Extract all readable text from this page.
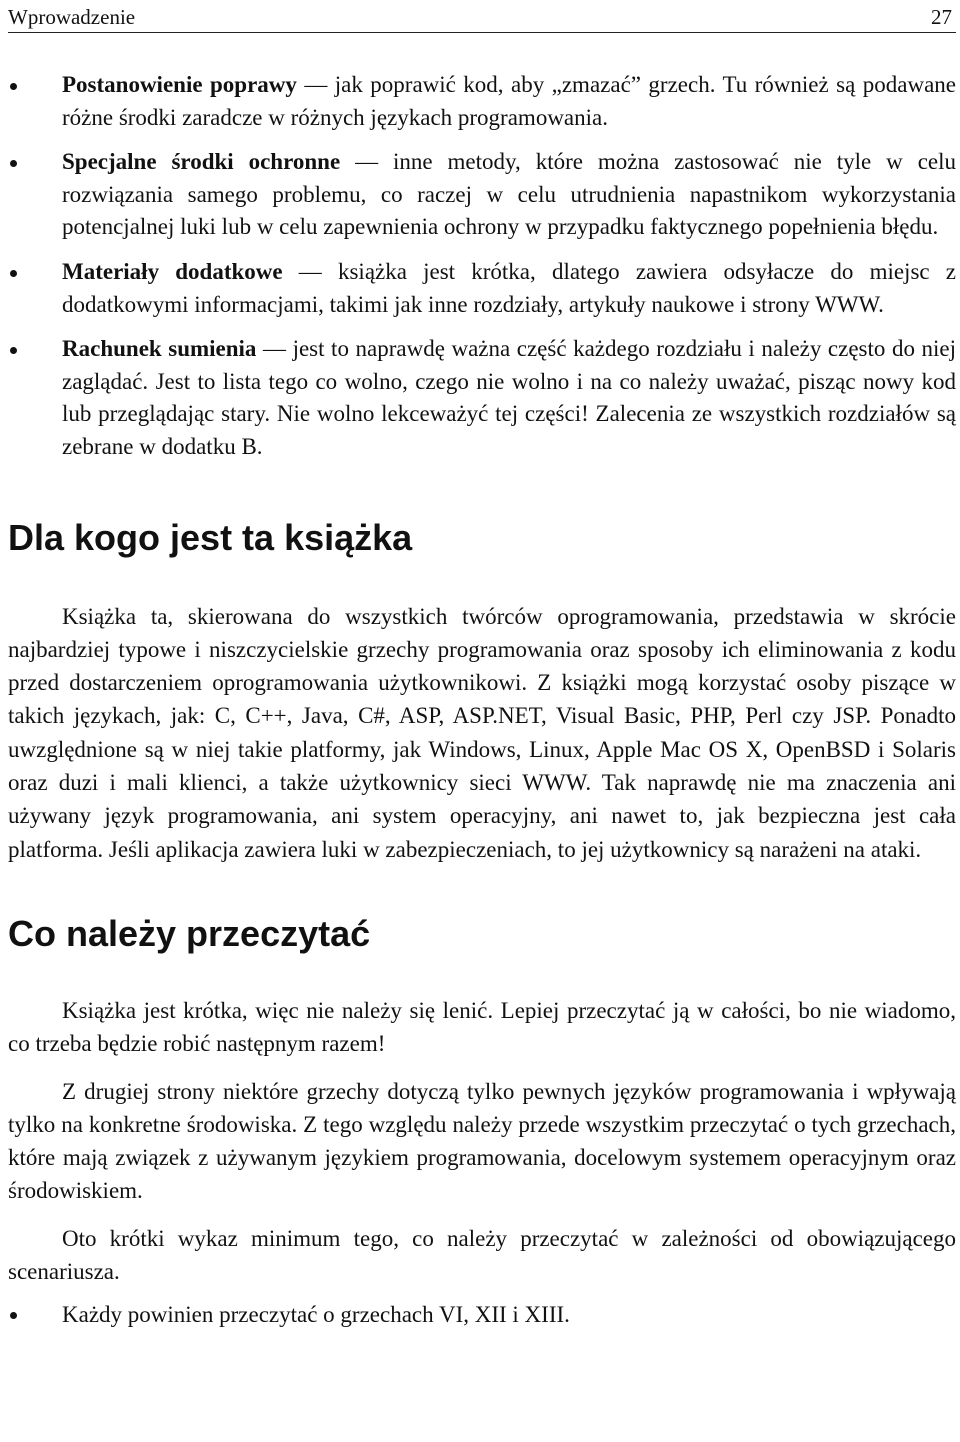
Wprowadzenie	27
Postanowienie poprawy — jak poprawić kod, aby „zmazać” grzech. Tu również są podawane różne środki zaradcze w różnych językach programowania.
Specjalne środki ochronne — inne metody, które można zastosować nie tyle w celu rozwiązania samego problemu, co raczej w celu utrudnienia napastnikom wykorzystania potencjalnej luki lub w celu zapewnienia ochrony w przypadku faktycznego popełnienia błędu.
Materiały dodatkowe — książka jest krótka, dlatego zawiera odsyłacze do miejsc z dodatkowymi informacjami, takimi jak inne rozdziały, artykuły naukowe i strony WWW.
Rachunek sumienia — jest to naprawdę ważna część każdego rozdziału i należy często do niej zaglądać. Jest to lista tego co wolno, czego nie wolno i na co należy uważać, pisząc nowy kod lub przeglądając stary. Nie wolno lekceważyć tej części! Zalecenia ze wszystkich rozdziałów są zebrane w dodatku B.
Dla kogo jest ta książka

Książka ta, skierowana do wszystkich twórców oprogramowania, przedstawia w skrócie najbardziej typowe i niszczycielskie grzechy programowania oraz sposoby ich eliminowania z kodu przed dostarczeniem oprogramowania użytkownikowi. Z książki mogą korzystać osoby piszące w takich językach, jak: C, C++, Java, C#, ASP, ASP.NET, Visual Basic, PHP, Perl czy JSP. Ponadto uwzględnione są w niej takie platformy, jak Windows, Linux, Apple Mac OS X, OpenBSD i Solaris oraz duzi i mali klienci, a także użytkownicy sieci WWW. Tak naprawdę nie ma znaczenia ani używany język programowania, ani system operacyjny, ani nawet to, jak bezpieczna jest cała platforma. Jeśli aplikacja zawiera luki w zabezpieczeniach, to jej użytkownicy są narażeni na ataki.

Co należy przeczytać

Książka jest krótka, więc nie należy się lenić. Lepiej przeczytać ją w całości, bo nie wiadomo, co trzeba będzie robić następnym razem!

Z drugiej strony niektóre grzechy dotyczą tylko pewnych języków programowania i wpływają tylko na konkretne środowiska. Z tego względu należy przede wszystkim przeczytać o tych grzechach, które mają związek z używanym językiem programowania, docelowym systemem operacyjnym oraz środowiskiem.

Oto krótki wykaz minimum tego, co należy przeczytać w zależności od obowiązującego scenariusza.

Każdy powinien przeczytać o grzechach VI, XII i XIII.
